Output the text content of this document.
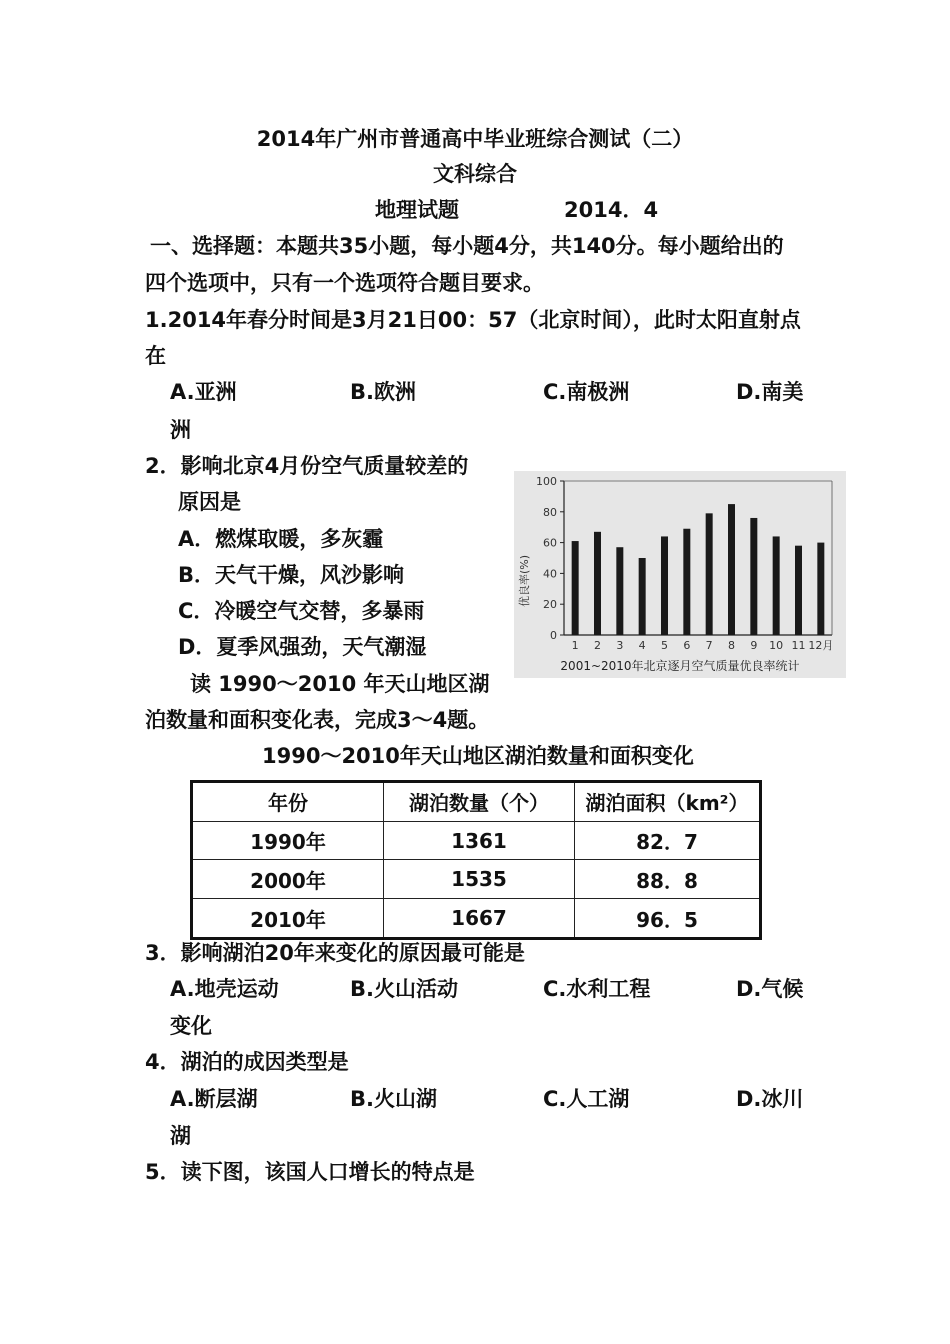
2014年广州市普通高中毕业班综合测试（二）
文科综合
地理试题	2014．4
一、选择题：本题共35小题，每小题4分，共140分。每小题给出的
四个选项中，只有一个选项符合题目要求。
1.2014年春分时间是3月21日00：57（北京时间），此时太阳直射点
在
A.亚洲	B.欧洲	C.南极洲	D.南美
洲
2．影响北京4月份空气质量较差的
原因是
A．燃煤取暖，多灰霾
B．天气干燥，风沙影响
C．冷暖空气交替，多暴雨
D．夏季风强劲，天气潮湿
优良率(%)
2001~2010年北京逐月空气质量优良率统计
0
20
40
60
80
100
1 2 3 4 5 6 7 8 9 10 11 12月
读 1990～2010 年天山地区湖
泊数量和面积变化表，完成3～4题。
1990～2010年天山地区湖泊数量和面积变化
年份	湖泊数量（个）	湖泊面积（km²）
1990年	1361	82．7
2000年	1535	88．8
2010年	1667	96．5
3．影响湖泊20年来变化的原因最可能是
A.地壳运动	B.火山活动	C.水利工程	D.气候
变化
4．湖泊的成因类型是
A.断层湖	B.火山湖	C.人工湖	D.冰川
湖
5．读下图，该国人口增长的特点是
